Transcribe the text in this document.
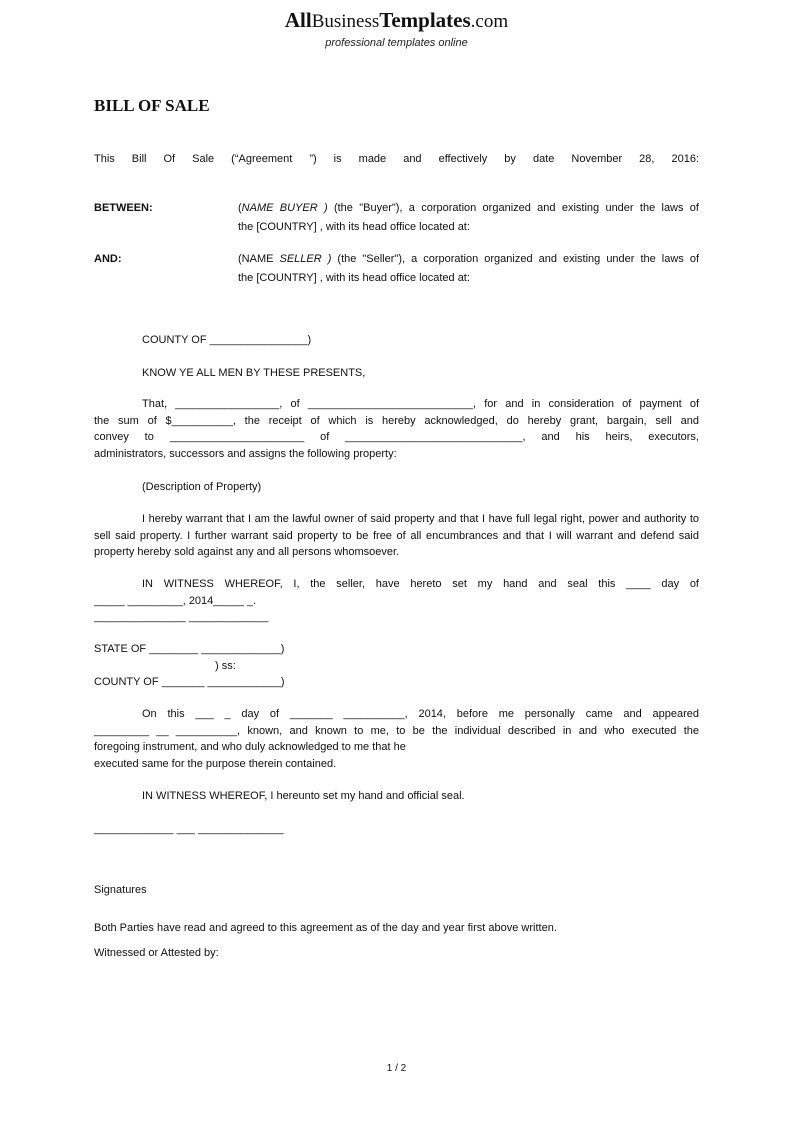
AllBusinessTemplates.com
professional templates online
BILL OF SALE
This Bill Of Sale (“Agreement ”) is made and effectively by date November 28, 2016:
BETWEEN:	(NAME BUYER ) (the "Buyer"), a corporation organized and existing under the laws of
the [COUNTRY] , with its head office located at:
AND:	(NAME SELLER ) (the "Seller"), a corporation organized and existing under the laws of
the [COUNTRY] , with its head office located at:
COUNTY OF ________________)
KNOW YE ALL MEN BY THESE PRESENTS,
That, _________________, of ___________________________, for and in consideration of payment of
the sum of $__________, the receipt of which is hereby acknowledged, do hereby grant, bargain, sell and
convey to ______________________ of _____________________________, and his heirs, executors,
administrators, successors and assigns the following property:
(Description of Property)
I hereby warrant that I am the lawful owner of said property and that I have full legal right, power and authority to sell said property. I further warrant said property to be free of all encumbrances and that I will warrant and defend said property hereby sold against any and all persons whomsoever.
IN WITNESS WHEREOF, I, the seller, have hereto set my hand and seal this ____ day of
_____ _________, 2014_____ _.
_______________ _____________
STATE OF ________ _____________)
) ss:
COUNTY OF _______ ____________)
On this ___ _ day of _______ __________, 2014, before me personally came and appeared
_________ __ __________, known, and known to me, to be the individual described in and who executed the
foregoing instrument, and who duly acknowledged to me that he
executed same for the purpose therein contained.
IN WITNESS WHEREOF, I hereunto set my hand and official seal.
_____________ ___ ______________
Signatures
Both Parties have read and agreed to this agreement as of the day and year first above written.
Witnessed or Attested by:
1 / 2
